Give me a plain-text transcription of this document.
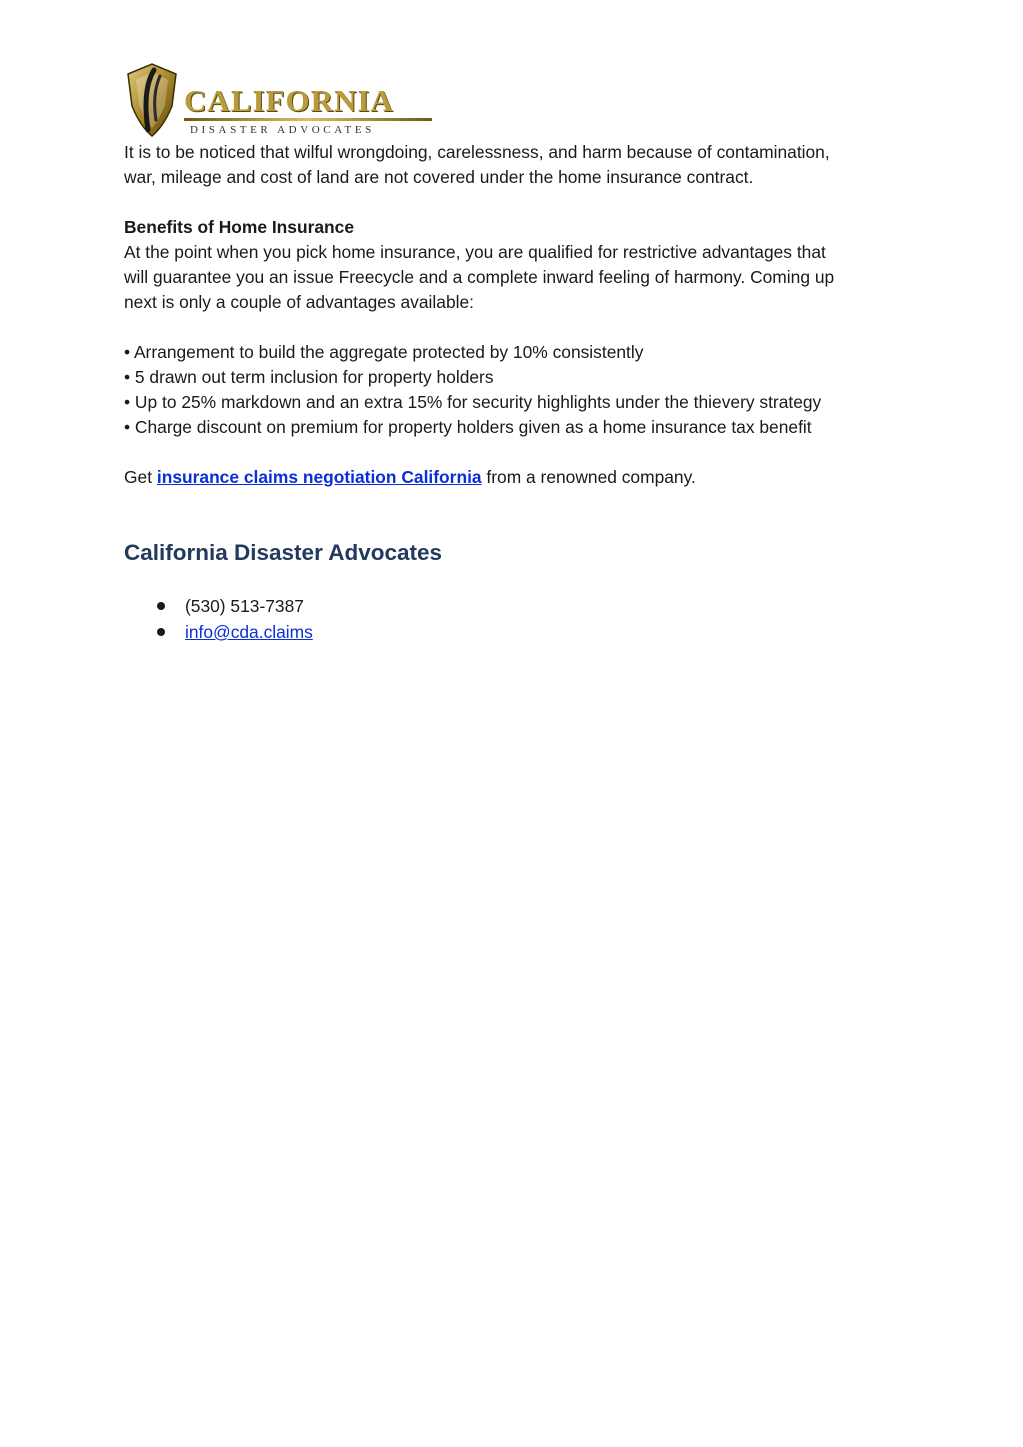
CALIFORNIA
DISASTER ADVOCATES
It is to be noticed that wilful wrongdoing, carelessness, and harm because of contamination,
war, mileage and cost of land are not covered under the home insurance contract.
Benefits of Home Insurance
At the point when you pick home insurance, you are qualified for restrictive advantages that
will guarantee you an issue Freecycle and a complete inward feeling of harmony. Coming up
next is only a couple of advantages available:
• Arrangement to build the aggregate protected by 10% consistently
• 5 drawn out term inclusion for property holders
• Up to 25% markdown and an extra 15% for security highlights under the thievery strategy
• Charge discount on premium for property holders given as a home insurance tax benefit
Get insurance claims negotiation California from a renowned company.
California Disaster Advocates
(530) 513-7387
info@cda.claims
